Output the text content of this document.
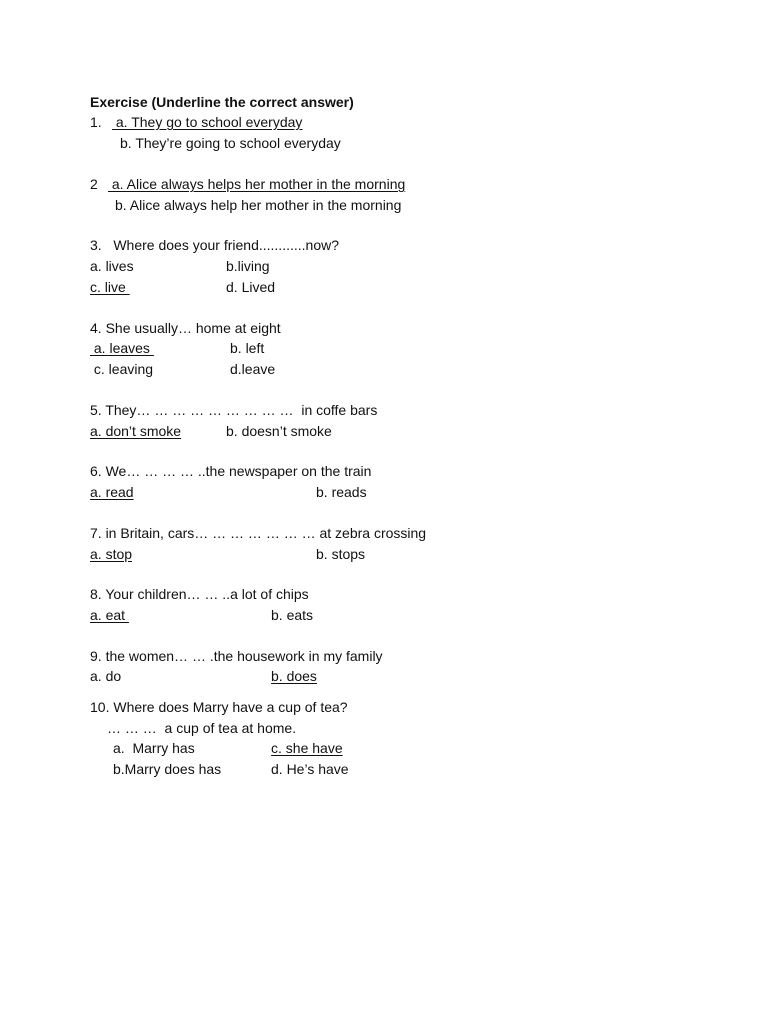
Exercise (Underline the correct answer)
1. a. They go to school everyday
b. They’re going to school everyday
2 a. Alice always helps her mother in the morning
b. Alice always help her mother in the morning
3.   Where does your friend............now?
a. lives	b.living
c. live	d. Lived
4. She usually… home at eight
a. leaves	b. left
c. leaving	d.leave
5. They… … … … … … … … …  in coffe bars
a. don’t smoke	b. doesn’t smoke
6. We… … … … ..the newspaper on the train
a. read	b. reads
7. in Britain, cars… … … … … … … at zebra crossing
a. stop	b. stops
8. Your children… … ..a lot of chips
a. eat	b. eats
9. the women… … .the housework in my family
a. do	b. does
10. Where does Marry have a cup of tea?
… … …  a cup of tea at home.
a.  Marry has	c. she have
b.Marry does has	d. He’s have
